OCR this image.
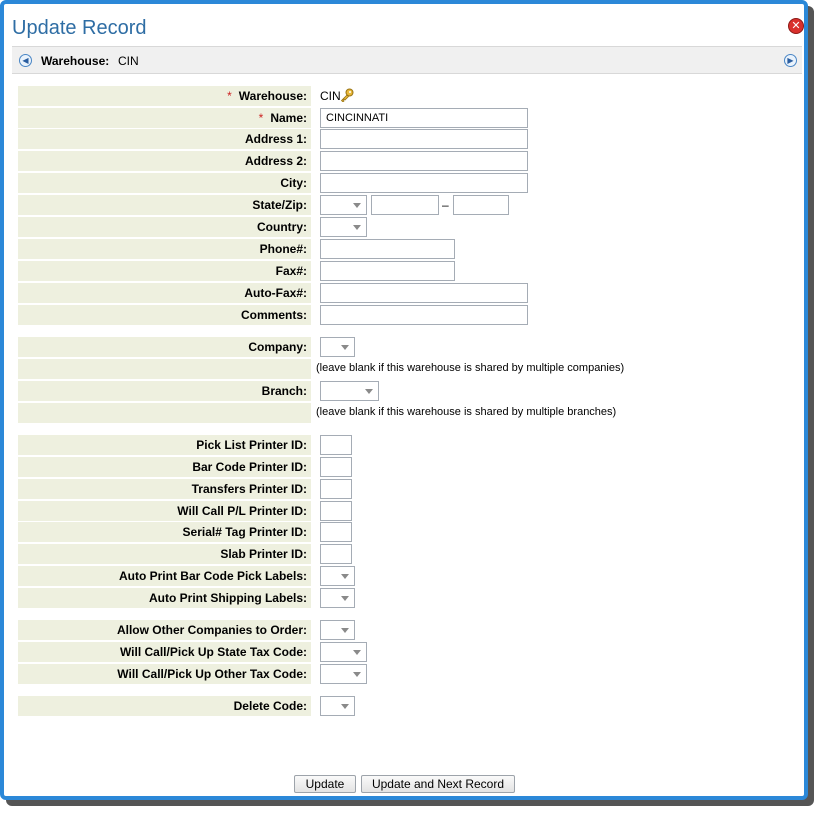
Update Record	✕
◀ Warehouse: CIN	▶
* Warehouse:	CIN
* Name:	CINCINNATI
Address 1:
Address 2:
City:
State/Zip:	–
Country:
Phone#:
Fax#:
Auto-Fax#:
Comments:
Company:
(leave blank if this warehouse is shared by multiple companies)
Branch:
(leave blank if this warehouse is shared by multiple branches)
Pick List Printer ID:
Bar Code Printer ID:
Transfers Printer ID:
Will Call P/L Printer ID:
Serial# Tag Printer ID:
Slab Printer ID:
Auto Print Bar Code Pick Labels:
Auto Print Shipping Labels:
Allow Other Companies to Order:
Will Call/Pick Up State Tax Code:
Will Call/Pick Up Other Tax Code:
Delete Code:
Update	Update and Next Record
